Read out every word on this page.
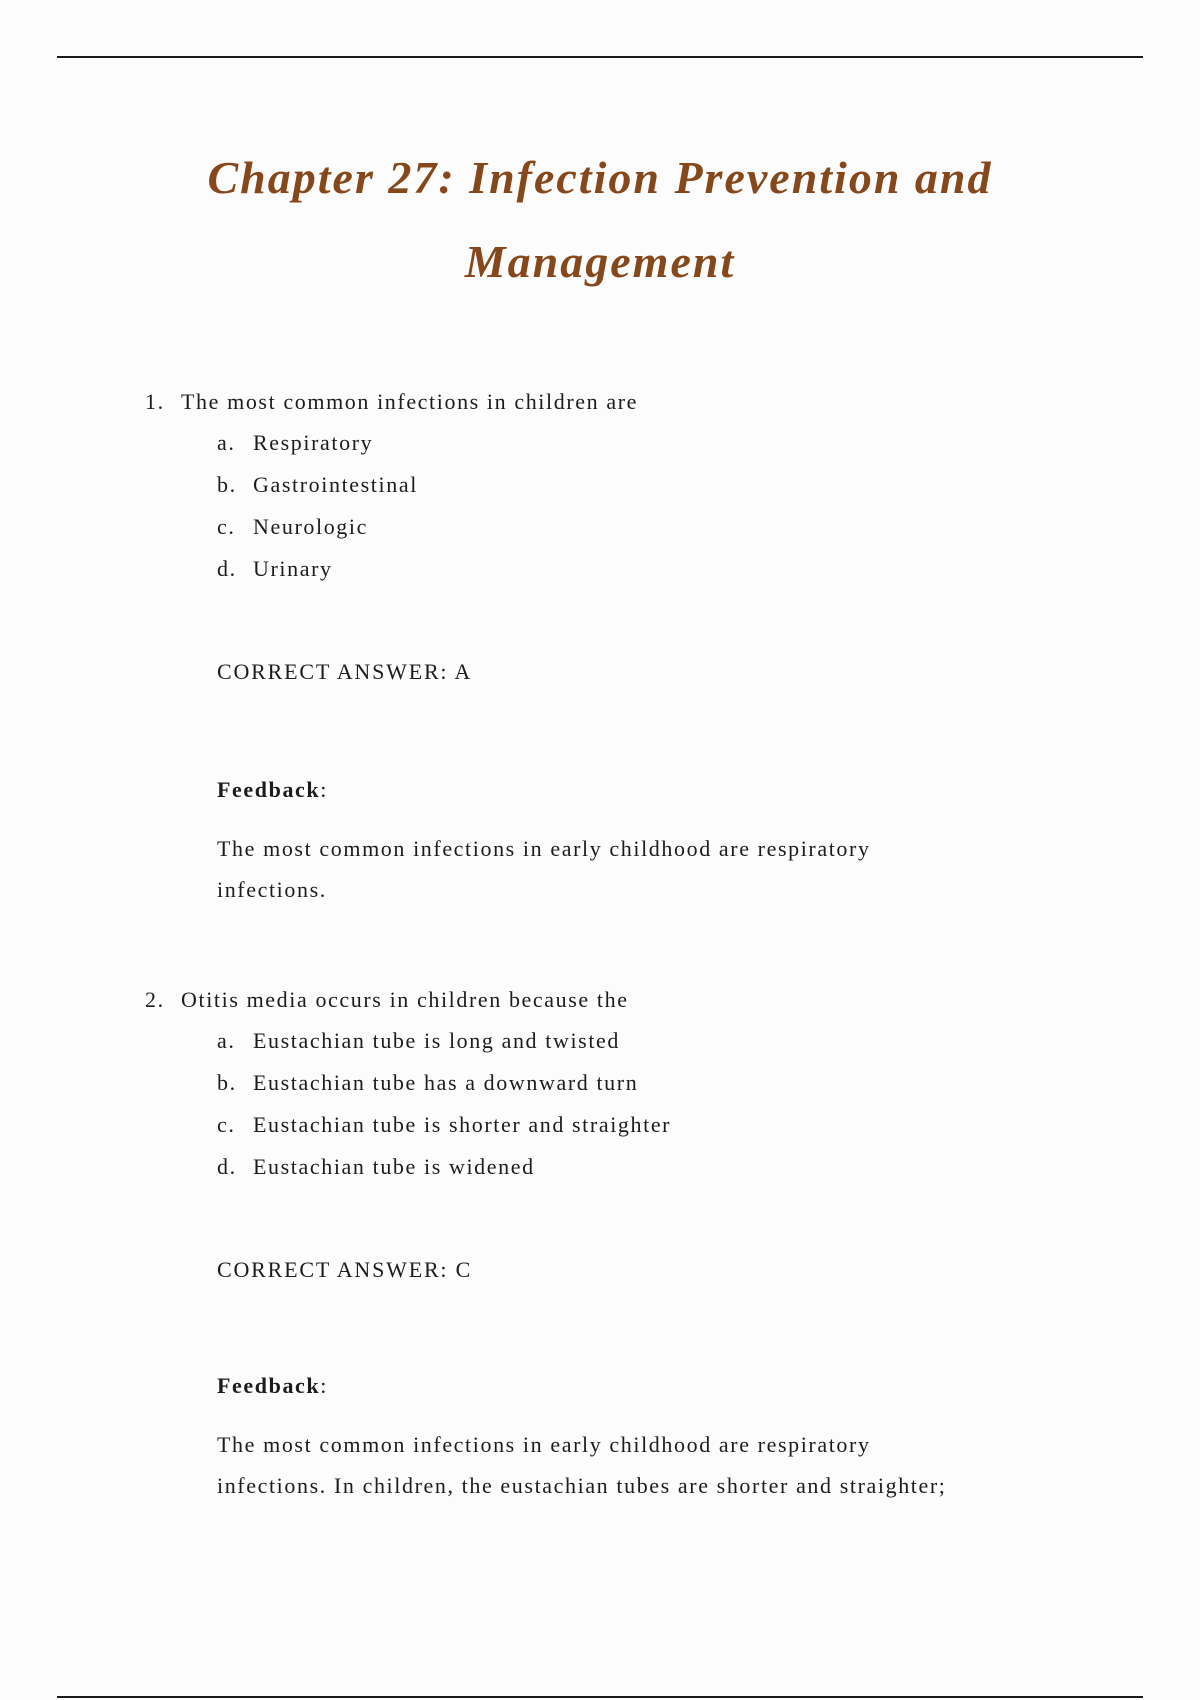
Chapter 27: Infection Prevention and
Management
1. The most common infections in children are
a. Respiratory
b. Gastrointestinal
c. Neurologic
d. Urinary
CORRECT ANSWER: A
Feedback:
The most common infections in early childhood are respiratory
infections.
2. Otitis media occurs in children because the
a. Eustachian tube is long and twisted
b. Eustachian tube has a downward turn
c. Eustachian tube is shorter and straighter
d. Eustachian tube is widened
CORRECT ANSWER: C
Feedback:
The most common infections in early childhood are respiratory
infections. In children, the eustachian tubes are shorter and straighter;
